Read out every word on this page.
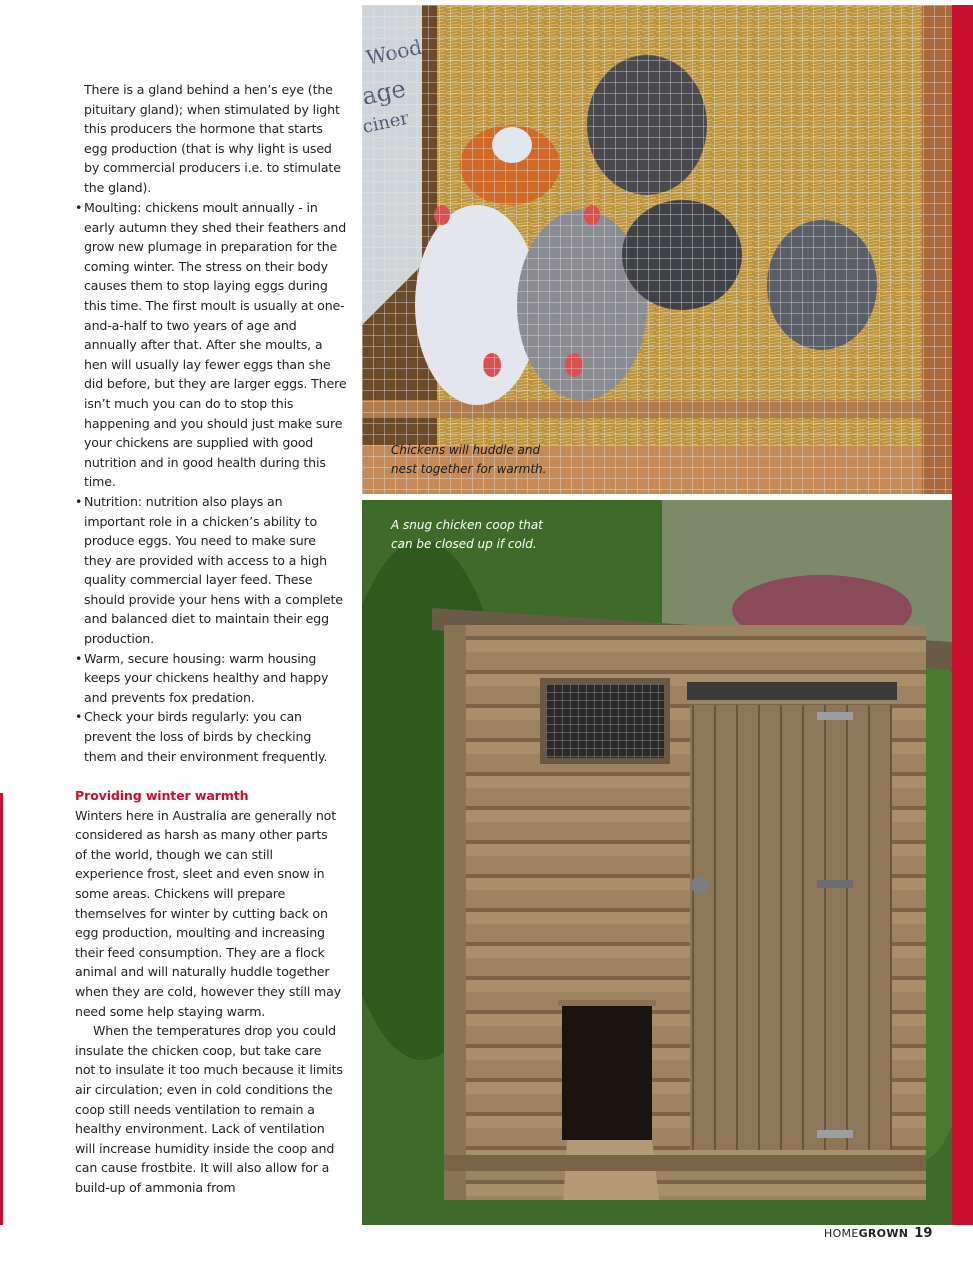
There is a gland behind a hen’s eye (the pituitary gland); when stimulated by light this producers the hormone that starts egg production (that is why light is used by commercial producers i.e. to stimulate the gland).

• Moulting: chickens moult annually - in early autumn they shed their feathers and grow new plumage in preparation for the coming winter. The stress on their body causes them to stop laying eggs during this time. The first moult is usually at one-and-a-half to two years of age and annually after that. After she moults, a hen will usually lay fewer eggs than she did before, but they are larger eggs. There isn’t much you can do to stop this happening and you should just make sure your chickens are supplied with good nutrition and in good health during this time.
• Nutrition: nutrition also plays an important role in a chicken’s ability to produce eggs. You need to make sure they are provided with access to a high quality commercial layer feed. These should provide your hens with a complete and balanced diet to maintain their egg production.
• Warm, secure housing: warm housing keeps your chickens healthy and happy and prevents fox predation.
• Check your birds regularly: you can prevent the loss of birds by checking them and their environment frequently.
Providing winter warmth

Winters here in Australia are generally not considered as harsh as many other parts of the world, though we can still experience frost, sleet and even snow in some areas. Chickens will prepare themselves for winter by cutting back on egg production, moulting and increasing their feed consumption. They are a flock animal and will naturally huddle together when they are cold, however they still may need some help staying warm.

When the temperatures drop you could insulate the chicken coop, but take care not to insulate it too much because it limits air circulation; even in cold conditions the coop still needs ventilation to remain a healthy environment. Lack of ventilation will increase humidity inside the coop and can cause frostbite. It will also allow for a build-up of ammonia from

Chickens will huddle and
nest together for warmth.
A snug chicken coop that
can be closed up if cold.
HOMEGROWN 19
